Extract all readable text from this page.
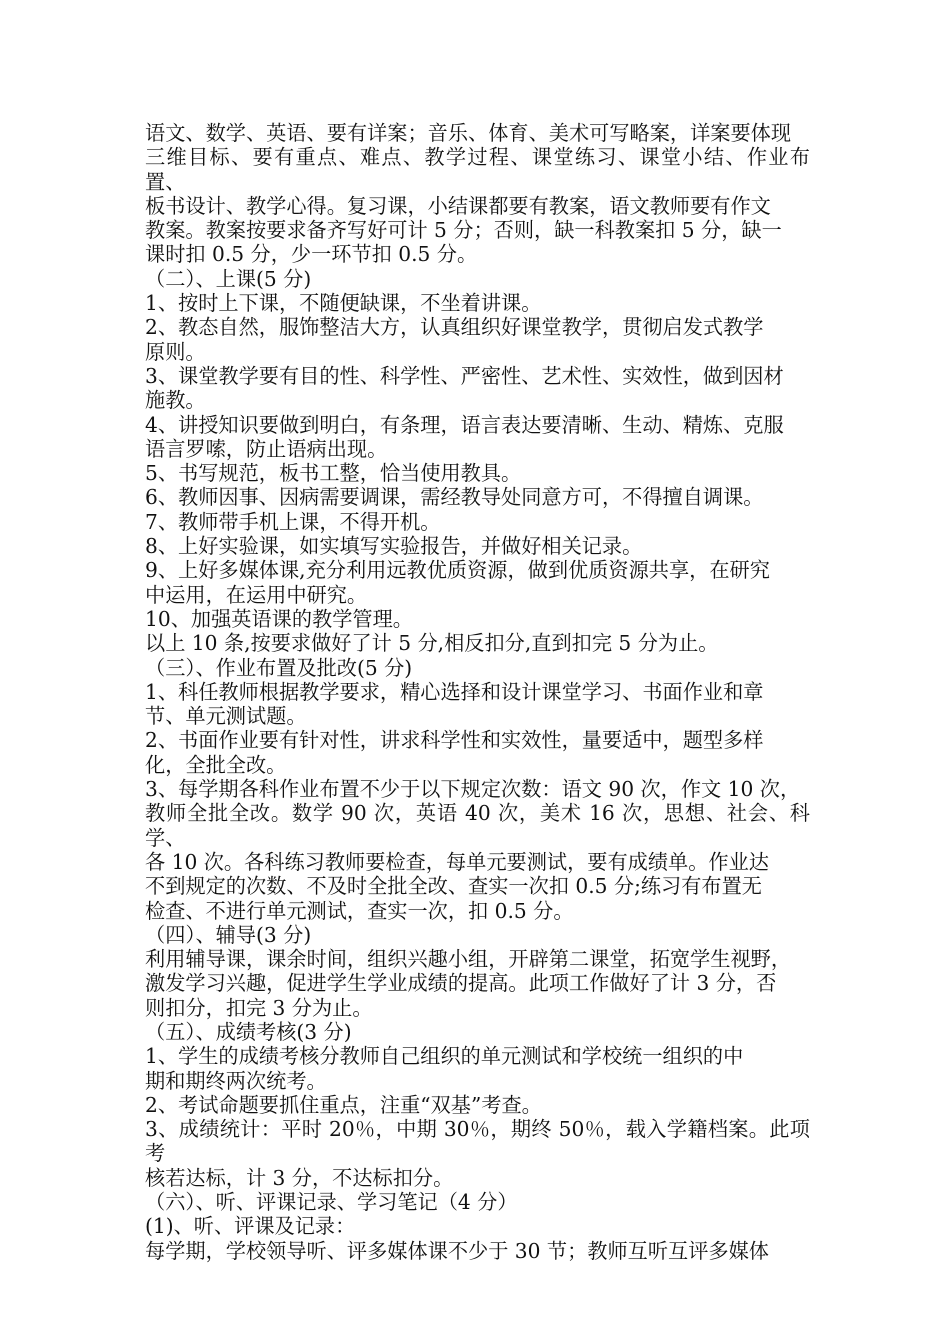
语文、数学、英语、要有详案；音乐、体育、美术可写略案，详案要体现

三维目标、要有重点、难点、教学过程、课堂练习、课堂小结、作业布置、

板书设计、教学心得。复习课，小结课都要有教案，语文教师要有作文

教案。教案按要求备齐写好可计 5 分；否则，缺一科教案扣 5 分，缺一

课时扣 0.5 分，少一环节扣 0.5 分。

（二）、上课(5 分)

1、按时上下课，不随便缺课，不坐着讲课。

2、教态自然，服饰整洁大方，认真组织好课堂教学，贯彻启发式教学

原则。

3、课堂教学要有目的性、科学性、严密性、艺术性、实效性，做到因材

施教。

4、讲授知识要做到明白，有条理，语言表达要清晰、生动、精炼、克服

语言罗嗦，防止语病出现。

5、书写规范，板书工整，恰当使用教具。

6、教师因事、因病需要调课，需经教导处同意方可，不得擅自调课。

7、教师带手机上课，不得开机。

8、上好实验课，如实填写实验报告，并做好相关记录。

9、上好多媒体课,充分利用远教优质资源，做到优质资源共享，在研究

中运用，在运用中研究。

10、加强英语课的教学管理。

以上 10 条,按要求做好了计 5 分,相反扣分,直到扣完 5 分为止。

（三）、作业布置及批改(5 分)

1、科任教师根据教学要求，精心选择和设计课堂学习、书面作业和章

节、单元测试题。

2、书面作业要有针对性，讲求科学性和实效性，量要适中，题型多样

化，全批全改。

3、每学期各科作业布置不少于以下规定次数：语文 90 次，作文 10 次，

教师全批全改。数学 90 次，英语 40 次，美术 16 次，思想、社会、科学、

各 10 次。各科练习教师要检查，每单元要测试，要有成绩单。作业达

不到规定的次数、不及时全批全改、查实一次扣 0.5 分;练习有布置无

检查、不进行单元测试，查实一次，扣 0.5 分。

（四）、辅导(3 分)

利用辅导课，课余时间，组织兴趣小组，开辟第二课堂，拓宽学生视野，

激发学习兴趣，促进学生学业成绩的提高。此项工作做好了计 3 分，否

则扣分，扣完 3 分为止。

（五）、成绩考核(3 分)

1、学生的成绩考核分教师自己组织的单元测试和学校统一组织的中

期和期终两次统考。

2、考试命题要抓住重点，注重“双基”考查。

3、成绩统计：平时 20％，中期 30％，期终 50％，载入学籍档案。此项考

核若达标，计 3 分，不达标扣分。

（六）、听、评课记录、学习笔记（4 分）

(1)、听、评课及记录：

每学期，学校领导听、评多媒体课不少于 30 节；教师互听互评多媒体
